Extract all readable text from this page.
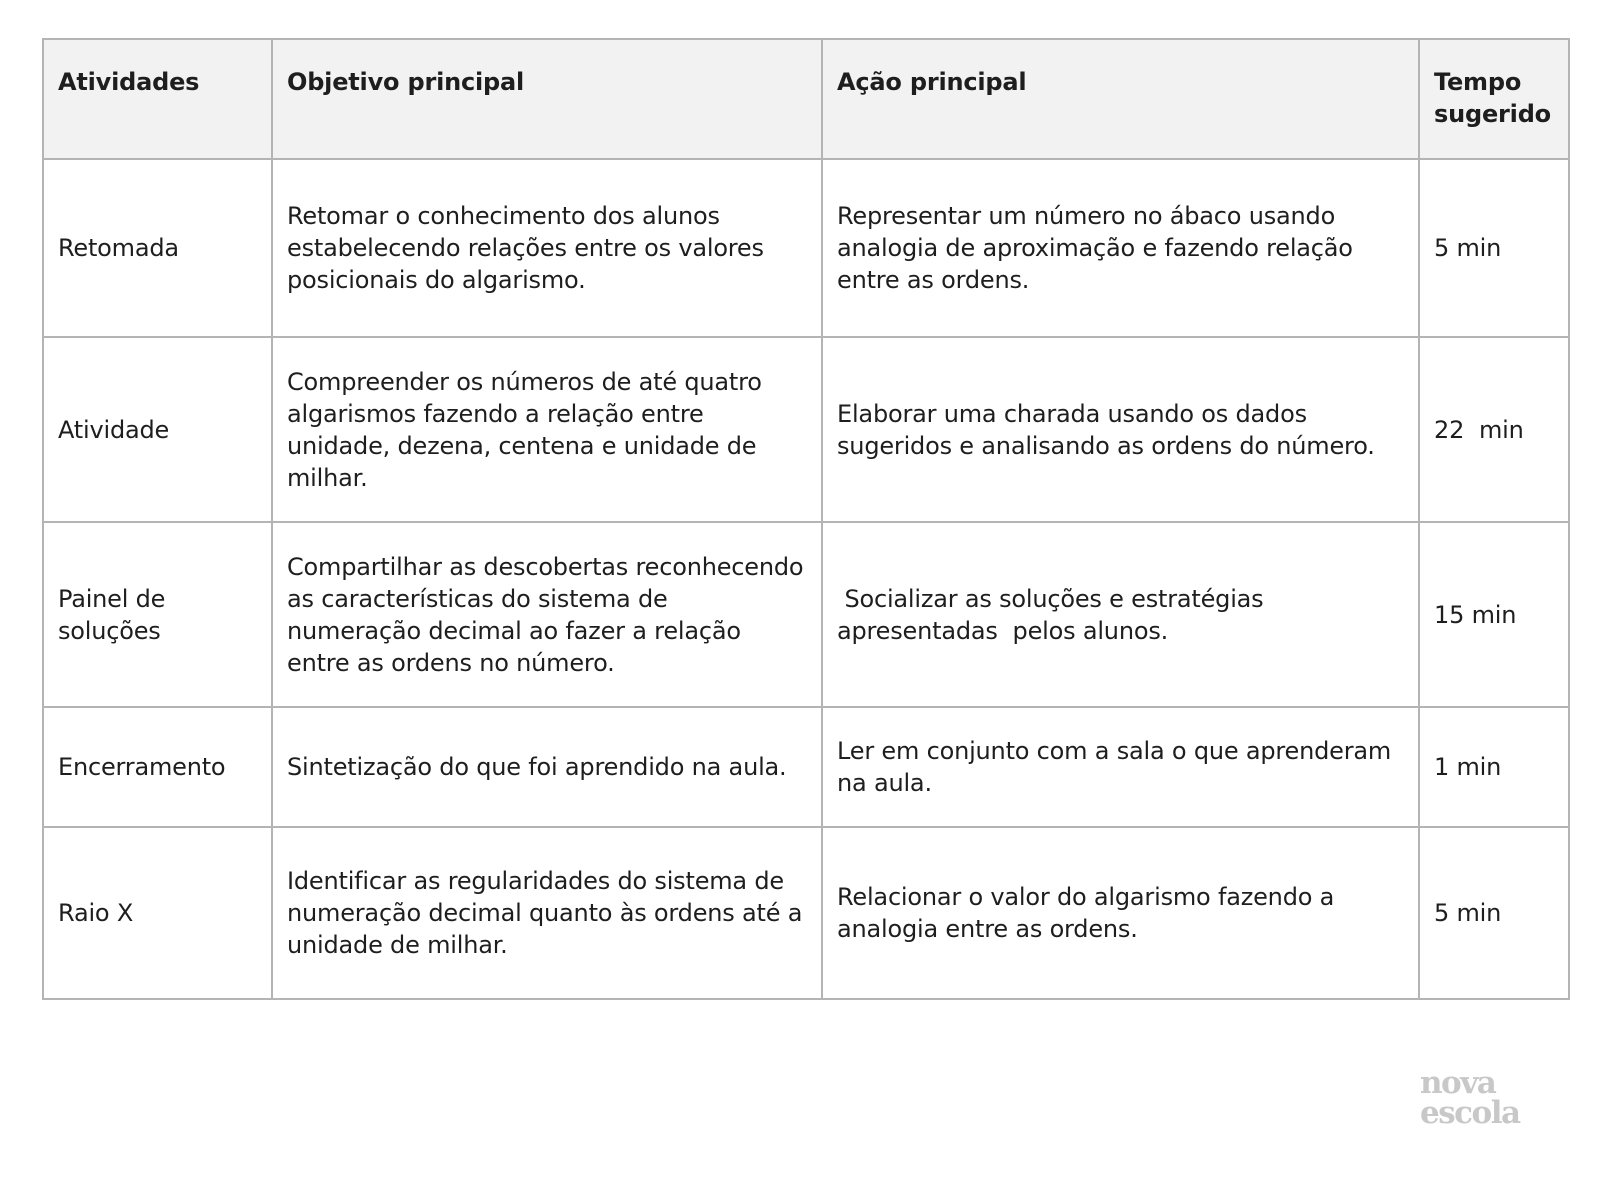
Atividades	Objetivo principal	Ação principal	Tempo sugerido
Retomada	Retomar o conhecimento dos alunos estabelecendo relações entre os valores posicionais do algarismo.	Representar um número no ábaco usando analogia de aproximação e fazendo relação entre as ordens.	5 min
Atividade	Compreender os números de até quatro algarismos fazendo a relação entre unidade, dezena, centena e unidade de milhar.	Elaborar uma charada usando os dados sugeridos e analisando as ordens do número.	22  min
Painel de soluções	Compartilhar as descobertas reconhecendo as características do sistema de numeração decimal ao fazer a relação entre as ordens no número.	Socializar as soluções e estratégias apresentadas  pelos alunos.	15 min
Encerramento	Sintetização do que foi aprendido na aula.	Ler em conjunto com a sala o que aprenderam na aula.	1 min
Raio X	Identificar as regularidades do sistema de numeração decimal quanto às ordens até a unidade de milhar.	Relacionar o valor do algarismo fazendo a analogia entre as ordens.	5 min
nova
escola
